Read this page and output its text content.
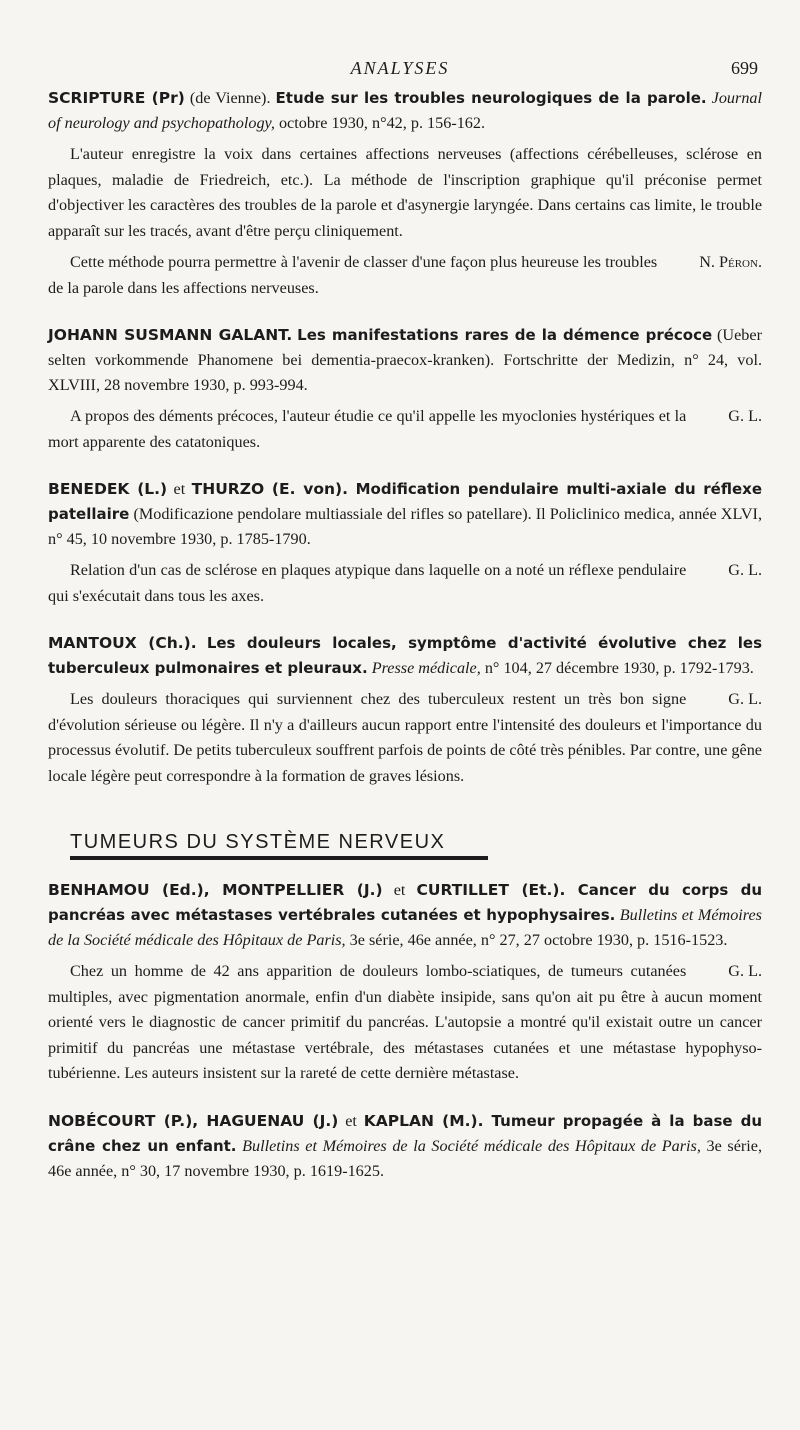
ANALYSES	699

SCRIPTURE (Pr) (de Vienne). Etude sur les troubles neurologiques de la parole. Journal of neurology and psychopathology, octobre 1930, n°42, p. 156-162.

L'auteur enregistre la voix dans certaines affections nerveuses (affections cérébelleuses, sclérose en plaques, maladie de Friedreich, etc.). La méthode de l'inscription graphique qu'il préconise permet d'objectiver les caractères des troubles de la parole et d'asynergie laryngée. Dans certains cas limite, le trouble apparaît sur les tracés, avant d'être perçu cliniquement.

N. Péron.
Cette méthode pourra permettre à l'avenir de classer d'une façon plus heureuse les troubles de la parole dans les affections nerveuses.

JOHANN SUSMANN GALANT. Les manifestations rares de la démence précoce (Ueber selten vorkommende Phanomene bei dementia-praecox-kranken). Fortschritte der Medizin, n° 24, vol. XLVIII, 28 novembre 1930, p. 993-994.

G. L.
A propos des déments précoces, l'auteur étudie ce qu'il appelle les myoclonies hystériques et la mort apparente des catatoniques.

BENEDEK (L.) et THURZO (E. von). Modification pendulaire multi-axiale du réflexe patellaire (Modificazione pendolare multiassiale del rifles so patellare). Il Policlinico medica, année XLVI, n° 45, 10 novembre 1930, p. 1785-1790.

G. L.
Relation d'un cas de sclérose en plaques atypique dans laquelle on a noté un réflexe pendulaire qui s'exécutait dans tous les axes.

MANTOUX (Ch.). Les douleurs locales, symptôme d'activité évolutive chez les tuberculeux pulmonaires et pleuraux. Presse médicale, n° 104, 27 décembre 1930, p. 1792-1793.

G. L.
Les douleurs thoraciques qui surviennent chez des tuberculeux restent un très bon signe d'évolution sérieuse ou légère. Il n'y a d'ailleurs aucun rapport entre l'intensité des douleurs et l'importance du processus évolutif. De petits tuberculeux souffrent parfois de points de côté très pénibles. Par contre, une gêne locale légère peut correspondre à la formation de graves lésions.

TUMEURS DU SYSTÈME NERVEUX

BENHAMOU (Ed.), MONTPELLIER (J.) et CURTILLET (Et.). Cancer du corps du pancréas avec métastases vertébrales cutanées et hypophysaires. Bulletins et Mémoires de la Société médicale des Hôpitaux de Paris, 3e série, 46e année, n° 27, 27 octobre 1930, p. 1516-1523.

G. L.
Chez un homme de 42 ans apparition de douleurs lombo-sciatiques, de tumeurs cutanées multiples, avec pigmentation anormale, enfin d'un diabète insipide, sans qu'on ait pu être à aucun moment orienté vers le diagnostic de cancer primitif du pancréas. L'autopsie a montré qu'il existait outre un cancer primitif du pancréas une métastase vertébrale, des métastases cutanées et une métastase hypophyso-tubérienne. Les auteurs insistent sur la rareté de cette dernière métastase.

NOBÉCOURT (P.), HAGUENAU (J.) et KAPLAN (M.). Tumeur propagée à la base du crâne chez un enfant. Bulletins et Mémoires de la Société médicale des Hôpitaux de Paris, 3e série, 46e année, n° 30, 17 novembre 1930, p. 1619-1625.
